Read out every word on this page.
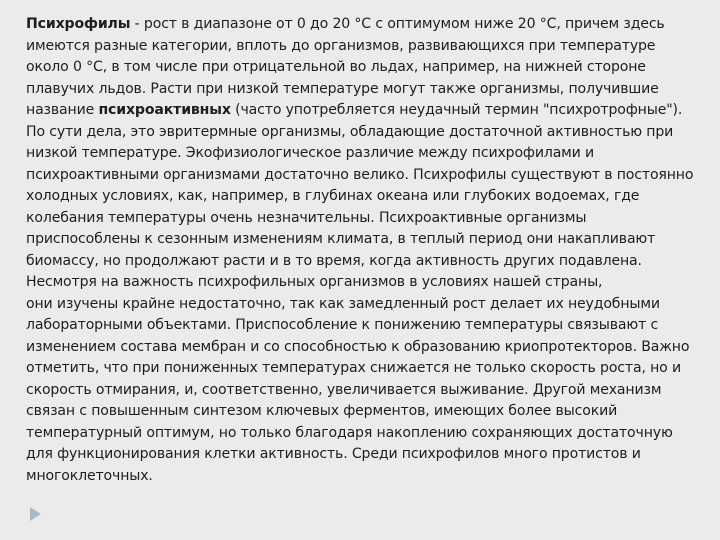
Психрофилы - рост в диапазоне от 0 до 20 °С с оптимумом ниже 20 °С, причем здесь имеются разные категории, вплоть до организмов, развивающихся при температуре около 0 °С, в том числе при отрицательной во льдах, например, на нижней стороне плавучих льдов. Расти при низкой температуре могут также организмы, получившие название психроактивных (часто употребляется неудачный термин "психротрофные"). По сути дела, это эвритермные организмы, обладающие достаточной активностью при низкой температуре. Экофизиологическое различие между психрофилами и психроактивными организмами достаточно велико. Психрофилы существуют в постоянно холодных условиях, как, например, в глубинах океана или глубоких водоемах, где колебания температуры очень незначительны. Психроактивные организмы приспособлены к сезонным изменениям климата, в теплый период они накапливают биомассу, но продолжают расти и в то время, когда активность других подавлена. Несмотря на важность психрофильных организмов в условиях нашей страны,

они изучены крайне недостаточно, так как замедленный рост делает их неудобными лабораторными объектами. Приспособление к понижению температуры связывают с изменением состава мембран и со способностью к образованию криопротекторов. Важно отметить, что при пониженных температурах снижается не только скорость роста, но и скорость отмирания, и, соответственно, увеличивается выживание. Другой механизм связан с повышенным синтезом ключевых ферментов, имеющих более высокий температурный оптимум, но только благодаря накоплению сохраняющих достаточную для функционирования клетки активность. Среди психрофилов много протистов и многоклеточных.
